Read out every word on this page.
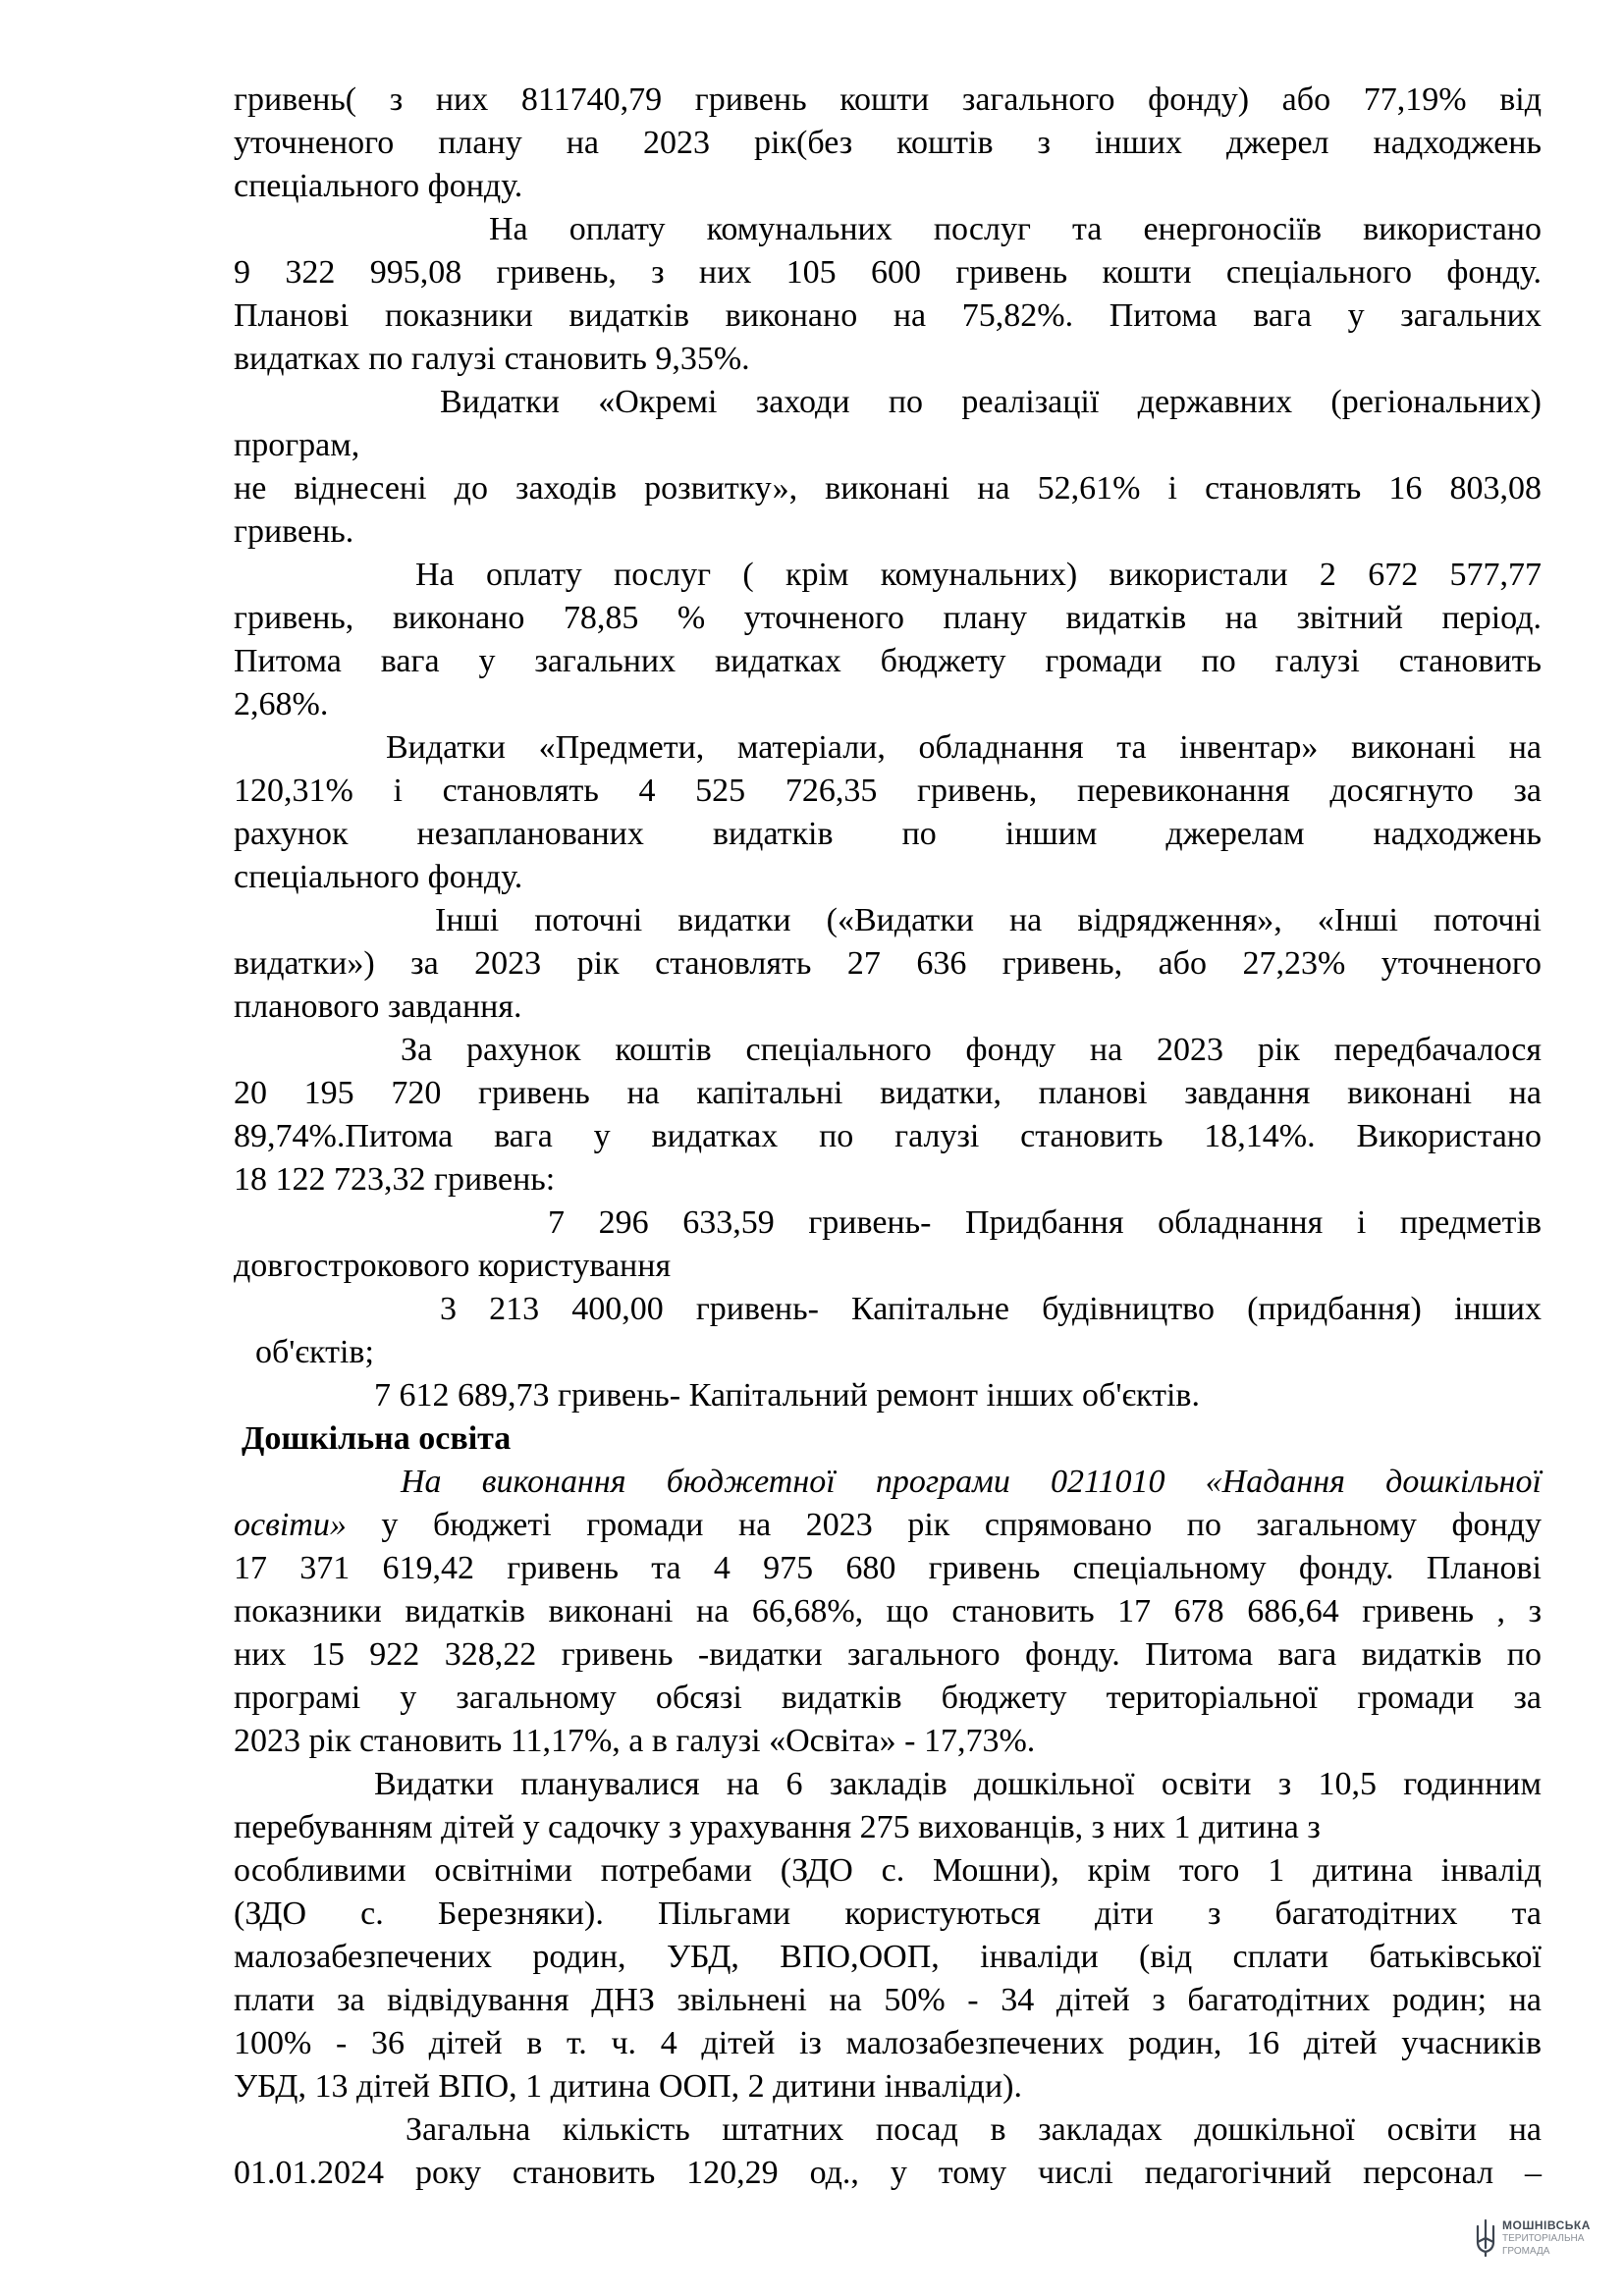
гривень( з них 811740,79 гривень кошти загального фонду) або 77,19% від
уточненого плану на 2023 рік(без коштів з інших джерел надходжень
спеціального фонду.
На оплату комунальних послуг та енергоносіїв використано
9 322 995,08 гривень, з них 105 600 гривень кошти спеціального фонду.
Планові показники видатків виконано на 75,82%. Питома вага у загальних
видатках по галузі становить 9,35%.
Видатки «Окремі заходи по реалізації державних (регіональних)
програм,
не віднесені до заходів розвитку», виконані на 52,61% і становлять 16 803,08
гривень.
На оплату послуг ( крім комунальних) використали 2 672 577,77
гривень, виконано 78,85 % уточненого плану видатків на звітний період.
Питома вага у загальних видатках бюджету громади по галузі становить
2,68%.
Видатки «Предмети, матеріали, обладнання та інвентар» виконані на
120,31% і становлять 4 525 726,35 гривень, перевиконання досягнуто за
рахунок незапланованих видатків по іншим джерелам надходжень
спеціального фонду.
Інші поточні видатки («Видатки на відрядження», «Інші поточні
видатки») за 2023 рік становлять 27 636 гривень, або 27,23% уточненого
планового завдання.
За рахунок коштів спеціального фонду на 2023 рік передбачалося
20 195 720 гривень на капітальні видатки, планові завдання виконані на
89,74%.Питома вага у видатках по галузі становить 18,14%. Використано
18 122 723,32 гривень:
7 296 633,59 гривень- Придбання обладнання і предметів
довгострокового користування
3 213 400,00 гривень- Капітальне будівництво (придбання) інших
об'єктів;
7 612 689,73 гривень- Капітальний ремонт інших об'єктів.
Дошкільна освіта
На виконання бюджетної програми 0211010 «Надання дошкільної
освіти» у бюджеті громади на 2023 рік спрямовано по загальному фонду
17 371 619,42 гривень та 4 975 680 гривень спеціальному фонду. Планові
показники видатків виконані на 66,68%, що становить 17 678 686,64 гривень , з
них 15 922 328,22 гривень -видатки загального фонду. Питома вага видатків по
програмі у загальному обсязі видатків бюджету територіальної громади за
2023 рік становить 11,17%, а в галузі «Освіта» - 17,73%.
Видатки планувалися на 6 закладів дошкільної освіти з 10,5 годинним
перебуванням дітей у садочку з урахування 275 вихованців, з них 1 дитина з
особливими освітніми потребами (ЗДО с. Мошни), крім того 1 дитина інвалід
(ЗДО с. Березняки). Пільгами користуються діти з багатодітних та
малозабезпечених родин, УБД, ВПО,ООП, інваліди (від сплати батьківської
плати за відвідування ДНЗ звільнені на 50% - 34 дітей з багатодітних родин; на
100% - 36 дітей в т. ч. 4 дітей із малозабезпечених родин, 16 дітей учасників
УБД, 13 дітей ВПО, 1 дитина ООП, 2 дитини інваліди).
Загальна кількість штатних посад в закладах дошкільної освіти на
01.01.2024 року становить 120,29 од., у тому числі педагогічний персонал –
МОШНІВСЬКА
ТЕРИТОРІАЛЬНА
ГРОМАДА
